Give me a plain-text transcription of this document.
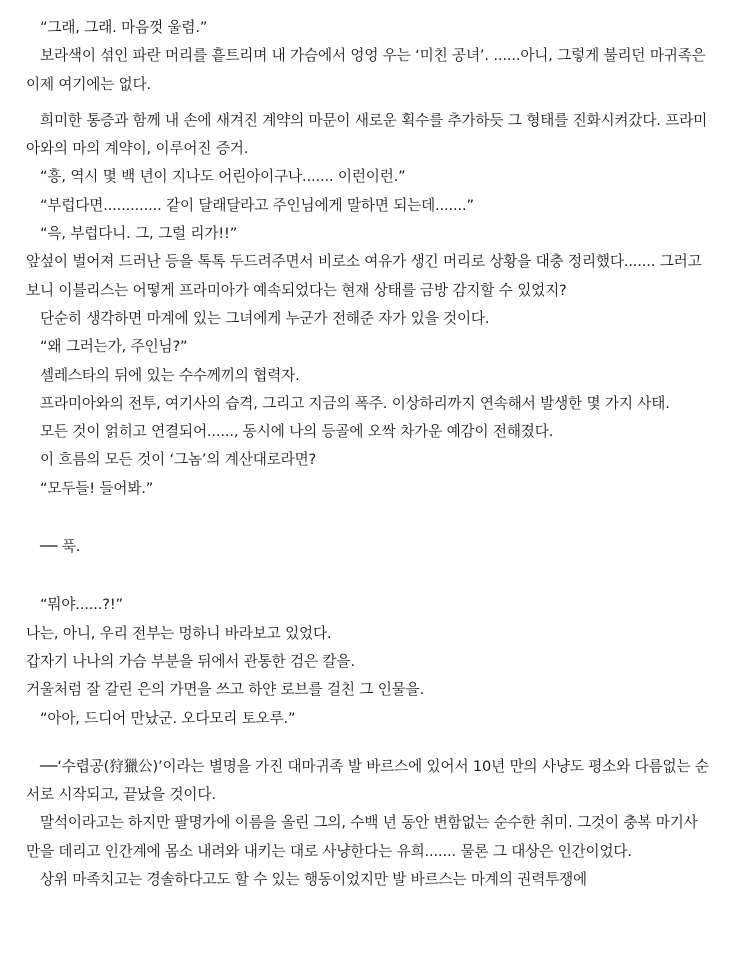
“그래, 그래. 마음껏 울렴.”

보라색이 섞인 파란 머리를 흩트리며 내 가슴에서 엉엉 우는 ‘미친 공녀’. ......아니, 그렇게 불리던 마귀족은 이제 여기에는 없다.

희미한 통증과 함께 내 손에 새겨진 계약의 마문이 새로운 획수를 추가하듯 그 형태를 진화시켜갔다. 프라미아와의 마의 계약이, 이루어진 증거.

“흥, 역시 몇 백 년이 지나도 어린아이구나....... 이런이런.”

“부럽다면............. 같이 달래달라고 주인님에게 말하면 되는데.......”

“윽, 부럽다니. 그, 그럴 리가!!”

앞섶이 벌어져 드러난 등을 톡톡 두드려주면서 비로소 여유가 생긴 머리로 상황을 대충 정리했다....... 그러고 보니 이블리스는 어떻게 프라미아가 예속되었다는 현재 상태를 금방 감지할 수 있었지?

단순히 생각하면 마계에 있는 그녀에게 누군가 전해준 자가 있을 것이다.

“왜 그러는가, 주인님?”

셀레스타의 뒤에 있는 수수께끼의 협력자.

프라미아와의 전투, 여기사의 습격, 그리고 지금의 폭주. 이상하리까지 연속해서 발생한 몇 가지 사태.

모든 것이 얽히고 연결되어......, 동시에 나의 등골에 오싹 차가운 예감이 전해졌다.

이 흐름의 모든 것이 ‘그놈’의 계산대로라면?

“모두들! 들어봐.”

── 푹.

“뭐야......?!”

나는, 아니, 우리 전부는 멍하니 바라보고 있었다.

갑자기 나나의 가슴 부분을 뒤에서 관통한 검은 칼을.

거울처럼 잘 갈린 은의 가면을 쓰고 하얀 로브를 걸친 그 인물을.

“아아, 드디어 만났군. 오다모리 토오루.”

──‘수렵공(狩獵公)’이라는 별명을 가진 대마귀족 발 바르스에 있어서 10년 만의 사냥도 평소와 다름없는 순서로 시작되고, 끝났을 것이다.

말석이라고는 하지만 팔명가에 이름을 올린 그의, 수백 년 동안 변함없는 순수한 취미. 그것이 충복 마기사만을 데리고 인간계에 몸소 내려와 내키는 대로 사냥한다는 유희....... 물론 그 대상은 인간이었다.

상위 마족치고는 경솔하다고도 할 수 있는 행동이었지만 발 바르스는 마계의 권력투쟁에
